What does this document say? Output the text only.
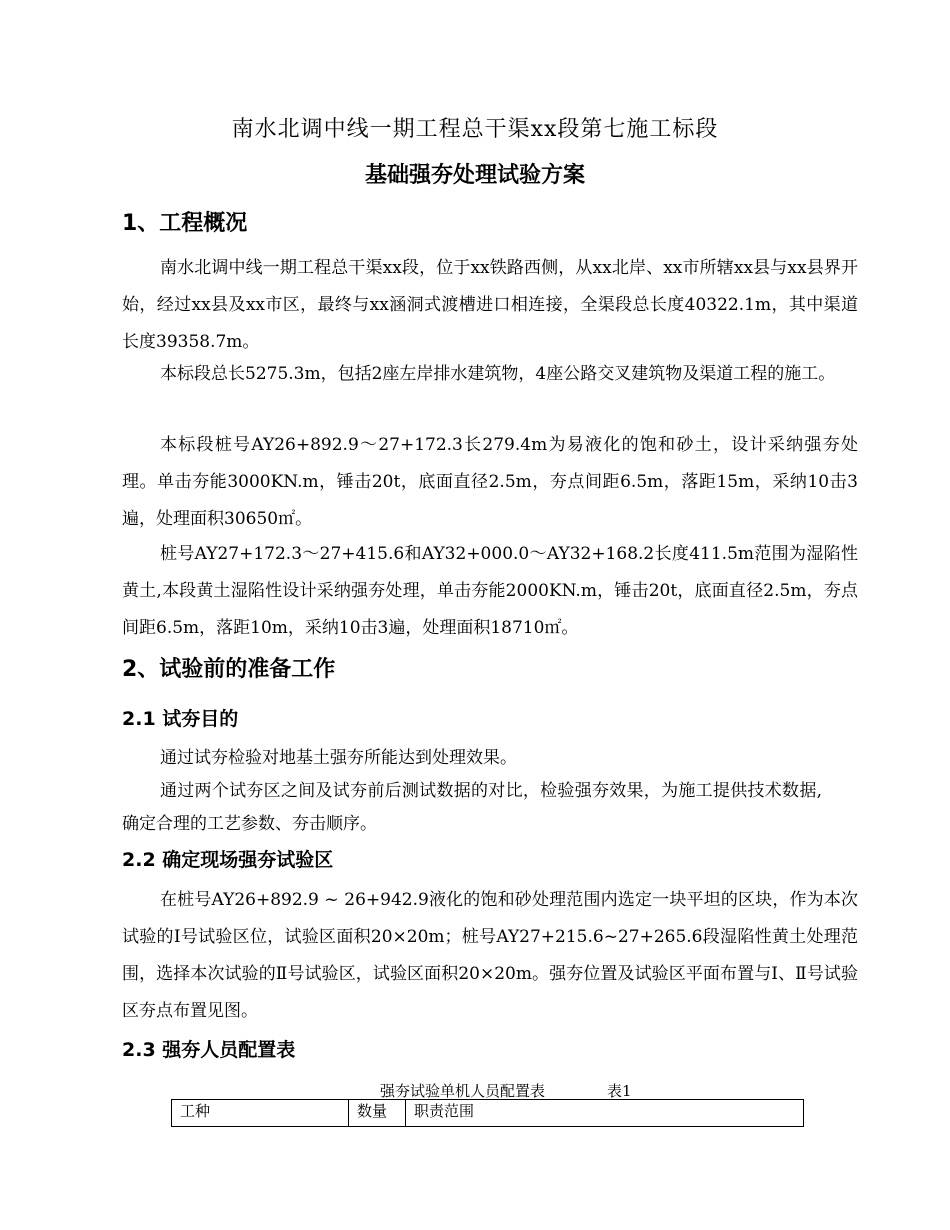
南水北调中线一期工程总干渠xx段第七施工标段
基础强夯处理试验方案
1、工程概况
南水北调中线一期工程总干渠xx段，位于xx铁路西侧，从xx北岸、xx市所辖xx县与xx县界开始，经过xx县及xx市区，最终与xx涵洞式渡槽进口相连接，全渠段总长度40322.1m，其中渠道长度39358.7m。
本标段总长5275.3m，包括2座左岸排水建筑物，4座公路交叉建筑物及渠道工程的施工。
本标段桩号AY26+892.9～27+172.3长279.4m为易液化的饱和砂土，设计采纳强夯处理。单击夯能3000KN.m，锤击20t，底面直径2.5m，夯点间距6.5m，落距15m，采纳10击3遍，处理面积30650㎡。
桩号AY27+172.3～27+415.6和AY32+000.0～AY32+168.2长度411.5m范围为湿陷性黄土,本段黄土湿陷性设计采纳强夯处理，单击夯能2000KN.m，锤击20t，底面直径2.5m，夯点间距6.5m，落距10m，采纳10击3遍，处理面积18710㎡。
2、试验前的准备工作
2.1 试夯目的
通过试夯检验对地基土强夯所能达到处理效果。
通过两个试夯区之间及试夯前后测试数据的对比，检验强夯效果，为施工提供技术数据,确定合理的工艺参数、夯击顺序。
2.2 确定现场强夯试验区
在桩号AY26+892.9 ~ 26+942.9液化的饱和砂处理范围内选定一块平坦的区块，作为本次试验的Ⅰ号试验区位，试验区面积20×20m；桩号AY27+215.6~27+265.6段湿陷性黄土处理范围，选择本次试验的Ⅱ号试验区，试验区面积20×20m。强夯位置及试验区平面布置与Ⅰ、Ⅱ号试验区夯点布置见图。
2.3 强夯人员配置表
强夯试验单机人员配置表	表1
工种	数量	职责范围
